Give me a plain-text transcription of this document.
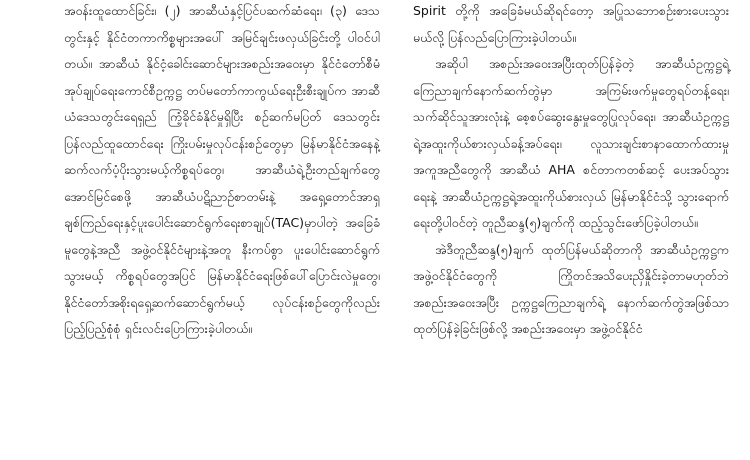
အဝန်းထူထောင်ခြင်း၊ (၂) အာဆီယံနှင့်ပြင်ပဆက်ဆံရေး၊ (၃) ဒေသတွင်းနှင့် နိုင်ငံတကာကိစ္စများအပေါ် အမြင်ချင်းဖလှယ်ခြင်းတို့ ပါဝင်ပါတယ်။ အာဆီယံ နိုင်ငံ့ခေါင်းဆောင်များအစည်းအဝေးမှာ နိုင်ငံတော်စီမံအုပ်ချုပ်ရေးကောင်စီဥက္ကဋ္ဌ တပ်မတော်ကာကွယ်ရေးဦးစီးချုပ်က အာဆီယံဒေသတွင်းရေရှည် ကြံ့ခိုင်ခံနိုင်မှုရှိပြီး စဉ်ဆက်မပြတ် ဒေသတွင်းပြန်လည်ထူထောင်ရေး ကြိုးပမ်းမှုလုပ်ငန်းစဉ်တွေမှာ မြန်မာနိုင်ငံအနေနဲ့ ဆက်လက်ပံ့ပိုးသွားမယ့်ကိစ္စရပ်တွေ၊ အာဆီယံရဲ့ဦးတည်ချက်တွေအောင်မြင်စေဖို့ အာဆီယံပဋိညာဉ်စာတမ်းနဲ့ အရှေ့တောင်အာရှချစ်ကြည်ရေးနှင့်ပူးပေါင်းဆောင်ရွက်ရေးစာချုပ်(TAC)မှာပါတဲ့ အခြေခံမူတွေနဲ့အညီ အဖွဲ့ဝင်နိုင်ငံများနဲ့အတူ နီးကပ်စွာ ပူးပေါင်းဆောင်ရွက်သွားမယ့် ကိစ္စရပ်တွေအပြင် မြန်မာနိုင်ငံရေးဖြစ်ပေါ်ပြောင်းလဲမှုတွေ၊ နိုင်ငံတော်အစိုးရရှေ့ဆက်ဆောင်ရွက်မယ့် လုပ်ငန်းစဉ်တွေကိုလည်း ပြည့်ပြည့်စုံစုံ ရှင်းလင်းပြောကြားခဲ့ပါတယ်။

Spirit တို့ကို အခြေခံမယ်ဆိုရင်တော့ အပြုသဘောစဉ်းစားပေးသွားမယ်လို့ ပြန်လည်ပြောကြားခဲ့ပါတယ်။

အဆိုပါ အစည်းအဝေးအပြီးထုတ်ပြန်ခဲ့တဲ့ အာဆီယံဥက္ကဋ္ဌရဲ့ ကြေညာချက်နောက်ဆက်တွဲမှာ အကြမ်းဖက်မှုတွေရပ်တန့်ရေး၊ သက်ဆိုင်သူအားလုံးနဲ့ စေ့စပ်ဆွေးနွေးမှုတွေပြုလုပ်ရေး၊ အာဆီယံဥက္ကဋ္ဌရဲ့အထူးကိုယ်စားလှယ်ခန့်အပ်ရေး၊ လူသားချင်းစာနာထောက်ထားမှုအကူအညီတွေကို အာဆီယံ AHA စင်တာကတစ်ဆင့် ပေးအပ်သွားရေးနဲ့ အာဆီယံဥက္ကဋ္ဌရဲ့အထူးကိုယ်စားလှယ် မြန်မာနိုင်ငံသို့ သွားရောက်ရေးတို့ပါဝင်တဲ့ တူညီဆန္ဒ(၅)ချက်ကို ထည့်သွင်းဖော်ပြခဲ့ပါတယ်။

အဲဒီတူညီဆန္ဒ(၅)ချက် ထုတ်ပြန်မယ်ဆိုတာကို အာဆီယံဥက္ကဋ္ဌက အဖွဲ့ဝင်နိုင်ငံတွေကို ကြိုတင်အသိပေးညှိနှိုင်းခဲ့တာမဟုတ်ဘဲ အစည်းအဝေးအပြီး ဥက္ကဋ္ဌကြေညာချက်ရဲ့ နောက်ဆက်တွဲအဖြစ်သာ ထုတ်ပြန်ခဲ့ခြင်းဖြစ်လို့ အစည်းအဝေးမှာ အဖွဲ့ဝင်နိုင်ငံ
